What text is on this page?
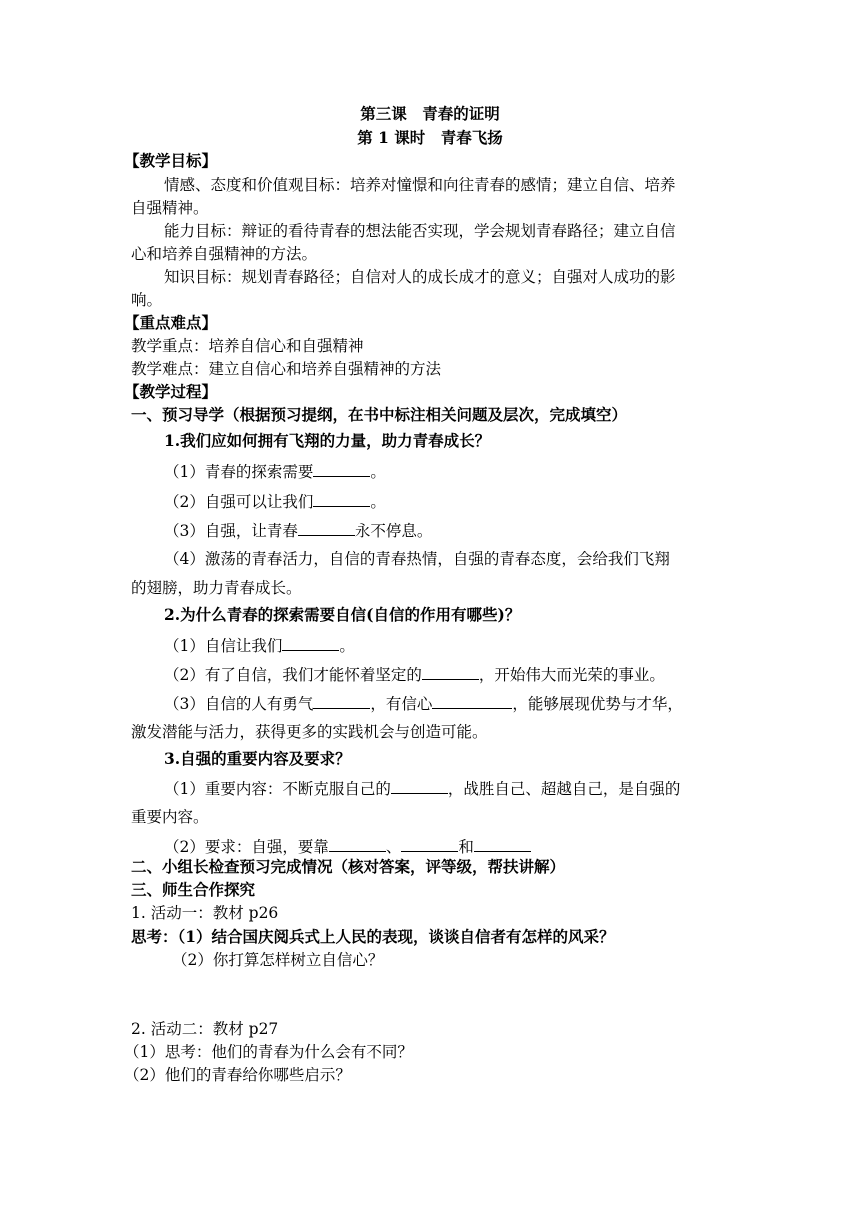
第三课　青春的证明
第 1 课时　青春飞扬
【教学目标】
情感、态度和价值观目标：培养对憧憬和向往青春的感情；建立自信、培养
自强精神。
能力目标：辩证的看待青春的想法能否实现，学会规划青春路径；建立自信
心和培养自强精神的方法。
知识目标：规划青春路径；自信对人的成长成才的意义；自强对人成功的影
响。
【重点难点】
教学重点：培养自信心和自强精神
教学难点：建立自信心和培养自强精神的方法
【教学过程】
一、预习导学（根据预习提纲，在书中标注相关问题及层次，完成填空）
1.我们应如何拥有飞翔的力量，助力青春成长？
（1）青春的探索需要	。
（2）自强可以让我们	。
（3）自强，让青春	永不停息。
（4）激荡的青春活力，自信的青春热情，自强的青春态度，会给我们飞翔
的翅膀，助力青春成长。
2.为什么青春的探索需要自信(自信的作用有哪些)？
（1）自信让我们	。
（2）有了自信，我们才能怀着坚定的	，开始伟大而光荣的事业。
（3）自信的人有勇气	，有信心	，能够展现优势与才华，
激发潜能与活力，获得更多的实践机会与创造可能。
3.自强的重要内容及要求？
（1）重要内容：不断克服自己的	，战胜自己、超越自己，是自强的
重要内容。
（2）要求：自强，要靠	、	和
二、小组长检查预习完成情况（核对答案，评等级，帮扶讲解）
三、师生合作探究
1. 活动一：教材 p26
思考：（1）结合国庆阅兵式上人民的表现，谈谈自信者有怎样的风采？
（2）你打算怎样树立自信心？
2. 活动二：教材 p27
（1）思考：他们的青春为什么会有不同？
（2）他们的青春给你哪些启示？
